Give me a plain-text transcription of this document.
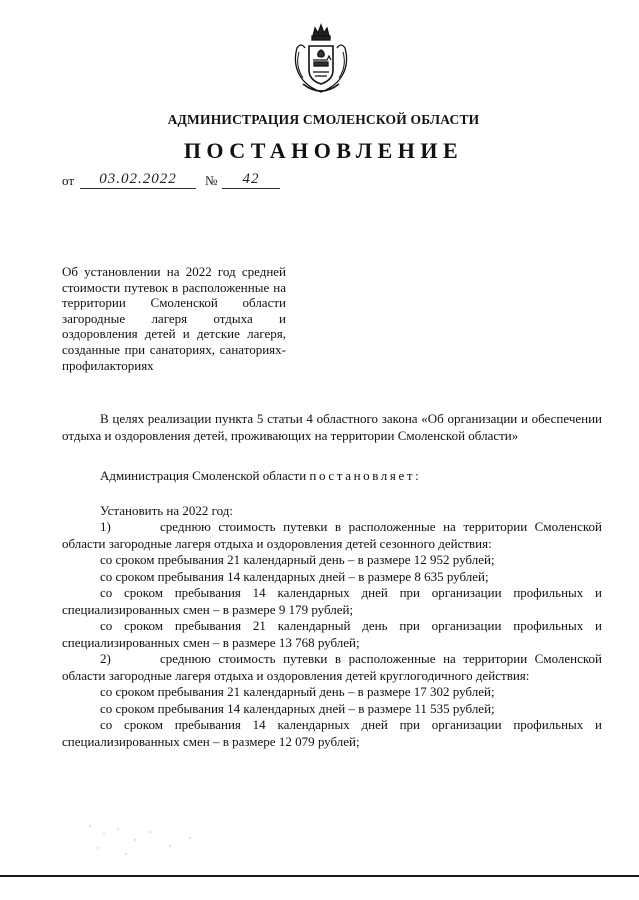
АДМИНИСТРАЦИЯ СМОЛЕНСКОЙ ОБЛАСТИ
ПОСТАНОВЛЕНИЕ
от	03.02.2022	№	42
Об установлении на 2022 год средней стоимости путевок в расположенные на территории Смоленской области загородные лагеря отдыха и оздоровления детей и детские лагеря, созданные при санаториях, санаториях-профилакториях

В целях реализации пункта 5 статьи 4 областного закона «Об организации и обеспечении отдыха и оздоровления детей, проживающих на территории Смоленской области»

Администрация Смоленской области постановляет:

Установить на 2022 год:

1)	среднюю стоимость путевки в расположенные на территории Смоленской области загородные лагеря отдыха и оздоровления детей сезонного действия:

со сроком пребывания 21 календарный день – в размере 12 952 рублей;

со сроком пребывания 14 календарных дней – в размере 8 635 рублей;

со сроком пребывания 14 календарных дней при организации профильных и специализированных смен – в размере 9 179 рублей;

со сроком пребывания 21 календарный день при организации профильных и специализированных смен – в размере 13 768 рублей;

2)	среднюю стоимость путевки в расположенные на территории Смоленской области загородные лагеря отдыха и оздоровления детей круглогодичного действия:

со сроком пребывания 21 календарный день – в размере 17 302 рублей;

со сроком пребывания 14 календарных дней – в размере 11 535 рублей;

со сроком пребывания 14 календарных дней при организации профильных и специализированных смен – в размере 12 079 рублей;
